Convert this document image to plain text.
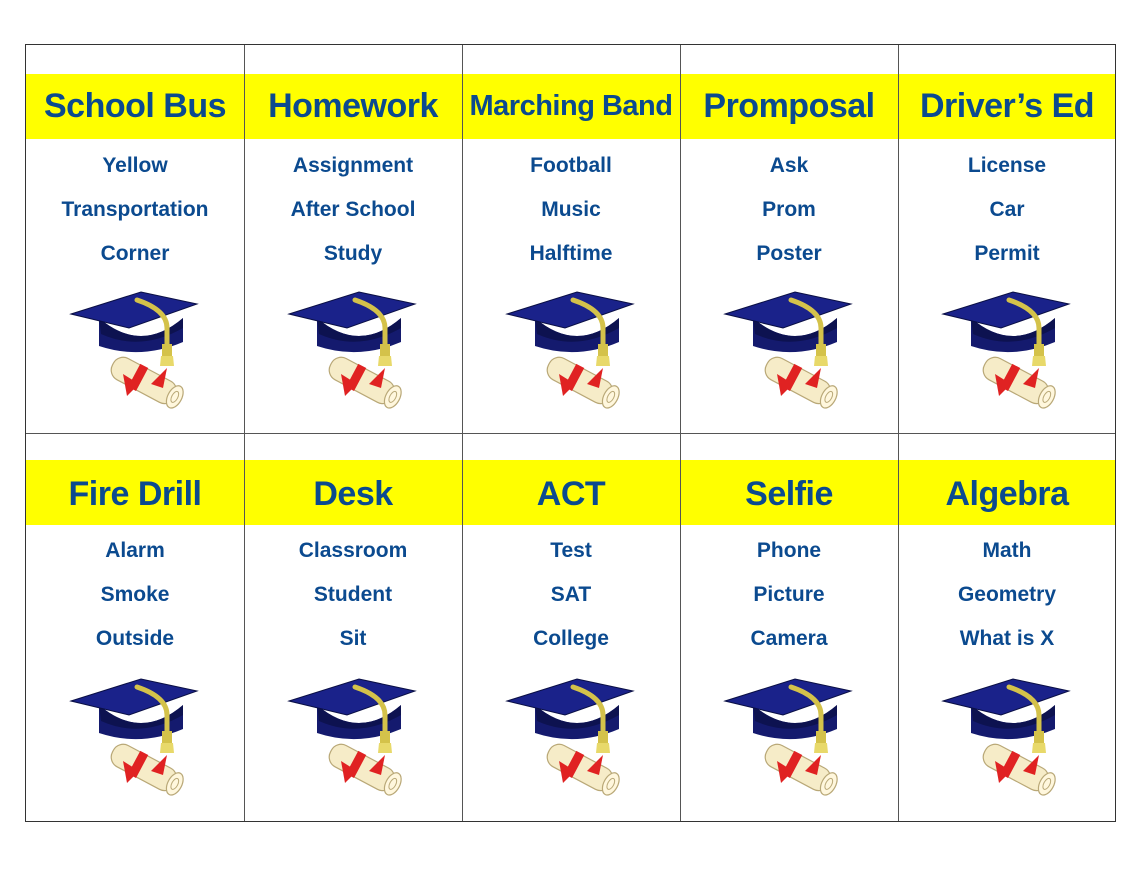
School Bus
Yellow
Transportation
Corner
Homework
Assignment
After School
Study
Marching Band
Football
Music
Halftime
Promposal
Ask
Prom
Poster
Driver’s Ed
License
Car
Permit
Fire Drill
Alarm
Smoke
Outside
Desk
Classroom
Student
Sit
ACT
Test
SAT
College
Selfie
Phone
Picture
Camera
Algebra
Math
Geometry
What is X
